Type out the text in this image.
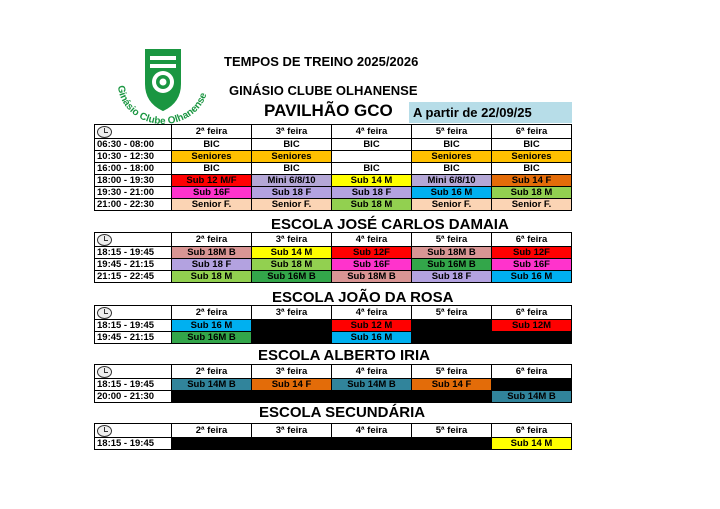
Ginásio Clube Olhanense
TEMPOS DE TREINO 2025/2026
GINÁSIO CLUBE OLHANENSE
PAVILHÃO GCO	A partir de 22/09/25
ESCOLA JOSÉ CARLOS DAMAIA
ESCOLA JOÃO DA ROSA
ESCOLA ALBERTO IRIA
ESCOLA SECUNDÁRIA
	2ª feira	3ª feira	4ª feira	5ª feira	6ª feira
06:30 - 08:00	BIC	BIC	BIC	BIC	BIC
10:30 - 12:30	Seniores	Seniores		Seniores	Seniores
16:00 - 18:00	BIC	BIC	BIC	BIC	BIC
18:00 - 19:30	Sub 12 M/F	Mini 6/8/10	Sub 14 M	Mini 6/8/10	Sub 14 F
19:30 - 21:00	Sub 16F	Sub 18 F	Sub 18 F	Sub 16 M	Sub 18 M
21:00 - 22:30	Senior F.	Senior F.	Sub 18 M	Senior F.	Senior F.
	2ª feira	3ª feira	4ª feira	5ª feira	6ª feira
18:15 - 19:45	Sub 18M B	Sub 14 M	Sub 12F	Sub 18M B	Sub 12F
19:45 - 21:15	Sub 18 F	Sub 18 M	Sub 16F	Sub 16M B	Sub 16F
21:15 - 22:45	Sub 18 M	Sub 16M B	Sub 18M B	Sub 18 F	Sub 16 M
	2ª feira	3ª feira	4ª feira	5ª feira	6ª feira
18:15 - 19:45	Sub 16 M		Sub 12 M		Sub 12M
19:45 - 21:15	Sub 16M B		Sub 16 M		
	2ª feira	3ª feira	4ª feira	5ª feira	6ª feira
18:15 - 19:45	Sub 14M B	Sub 14 F	Sub 14M B	Sub 14 F	
20:00 - 21:30					Sub 14M B
	2ª feira	3ª feira	4ª feira	5ª feira	6ª feira
18:15 - 19:45					Sub 14 M
